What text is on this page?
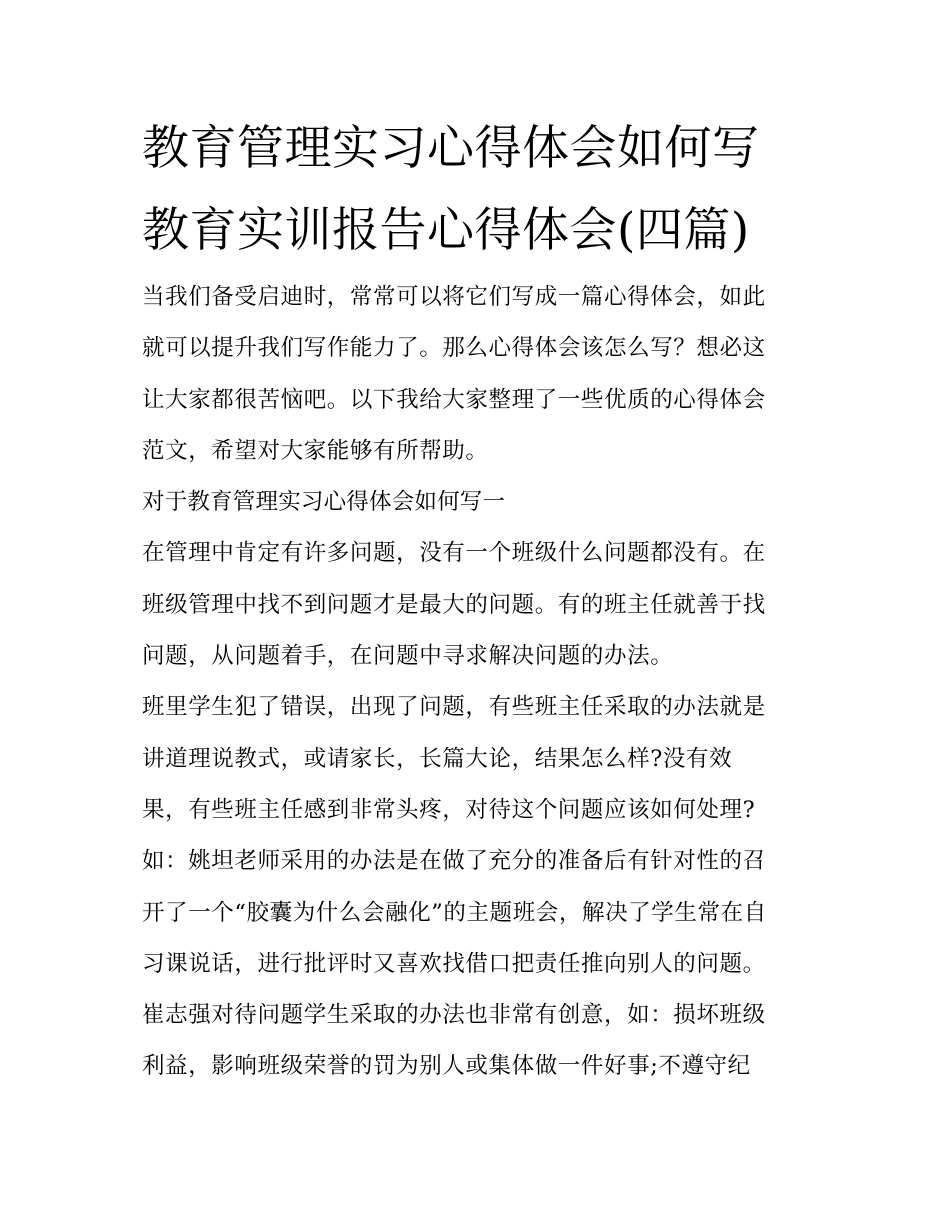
教育管理实习心得体会如何写
教育实训报告心得体会(四篇)
当我们备受启迪时，常常可以将它们写成一篇心得体会，如此
就可以提升我们写作能力了。那么心得体会该怎么写？想必这
让大家都很苦恼吧。以下我给大家整理了一些优质的心得体会
范文，希望对大家能够有所帮助。
对于教育管理实习心得体会如何写一
在管理中肯定有许多问题，没有一个班级什么问题都没有。在
班级管理中找不到问题才是最大的问题。有的班主任就善于找
问题，从问题着手，在问题中寻求解决问题的办法。
班里学生犯了错误，出现了问题，有些班主任采取的办法就是
讲道理说教式，或请家长，长篇大论，结果怎么样?没有效
果，有些班主任感到非常头疼，对待这个问题应该如何处理?
如：姚坦老师采用的办法是在做了充分的准备后有针对性的召
开了一个“胶囊为什么会融化”的主题班会，解决了学生常在自
习课说话，进行批评时又喜欢找借口把责任推向别人的问题。
崔志强对待问题学生采取的办法也非常有创意，如：损坏班级
利益，影响班级荣誉的罚为别人或集体做一件好事;不遵守纪
